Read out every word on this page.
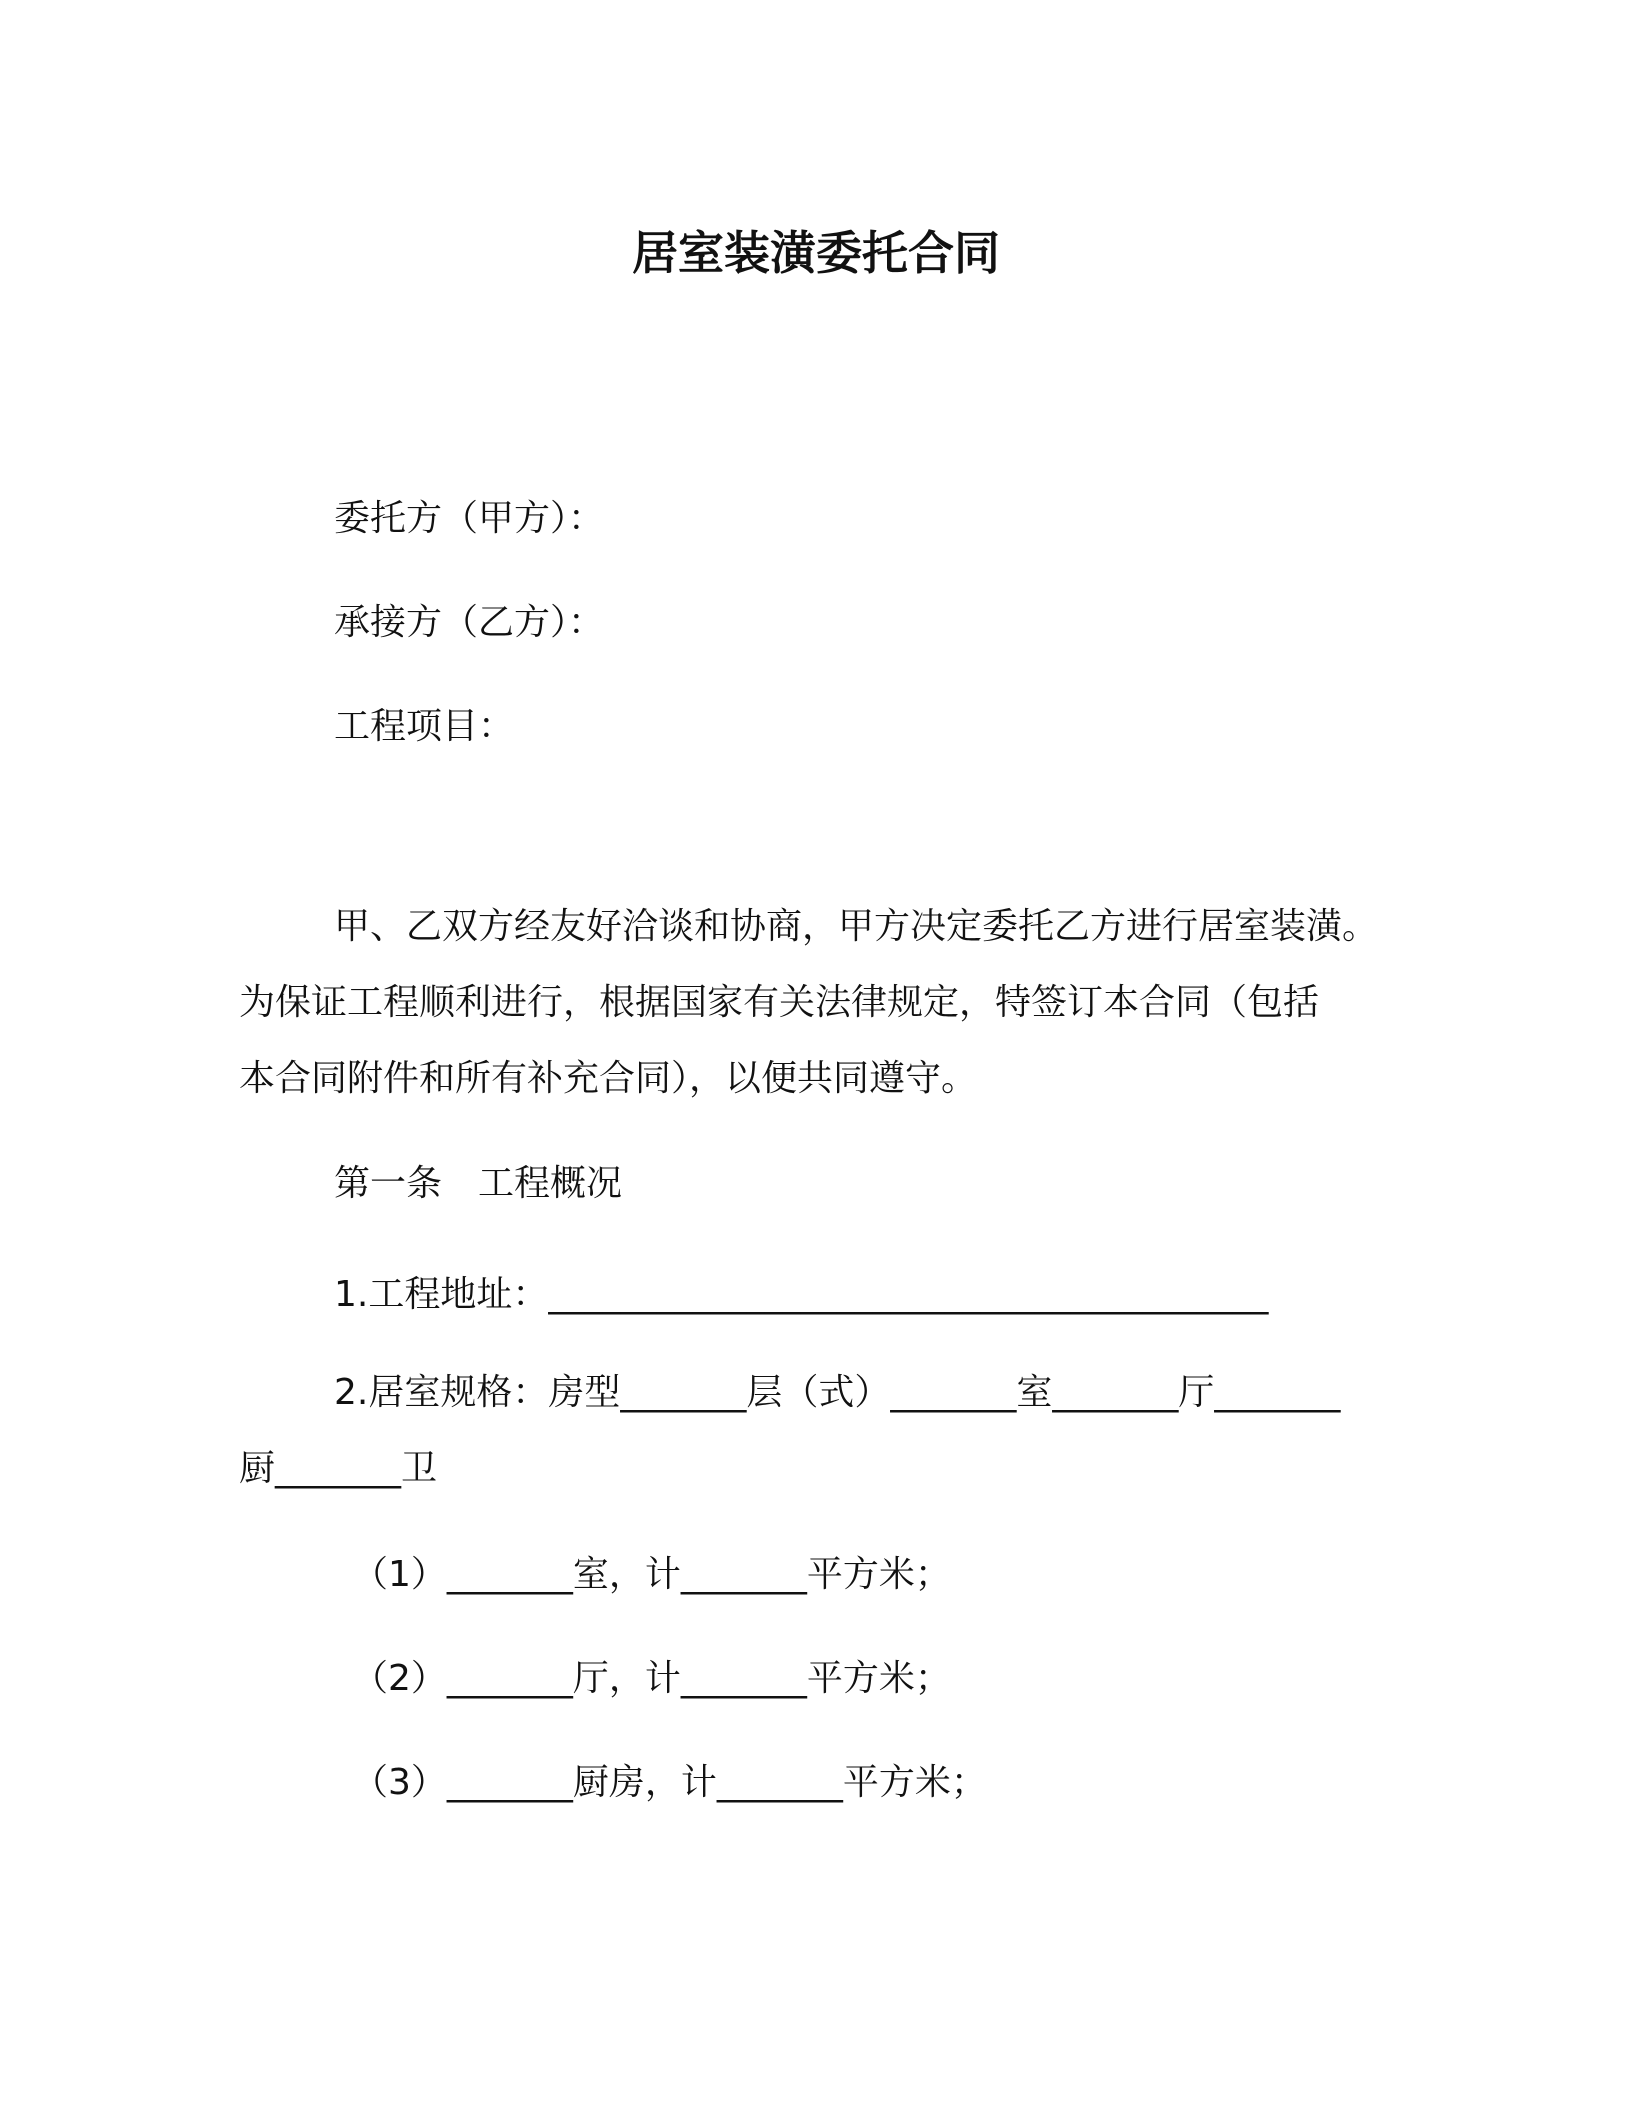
居室装潢委托合同
委托方（甲方）：
承接方（乙方）：
工程项目：
甲、乙双方经友好洽谈和协商，甲方决定委托乙方进行居室装潢。
为保证工程顺利进行，根据国家有关法律规定，特签订本合同（包括
本合同附件和所有补充合同），以便共同遵守。
第一条　工程概况
1.工程地址：________________________________________
2.居室规格：房型_______层（式）_______室_______厅_______
厨_______卫
（1）_______室，计_______平方米；
（2）_______厅，计_______平方米；
（3）_______厨房，计_______平方米；
